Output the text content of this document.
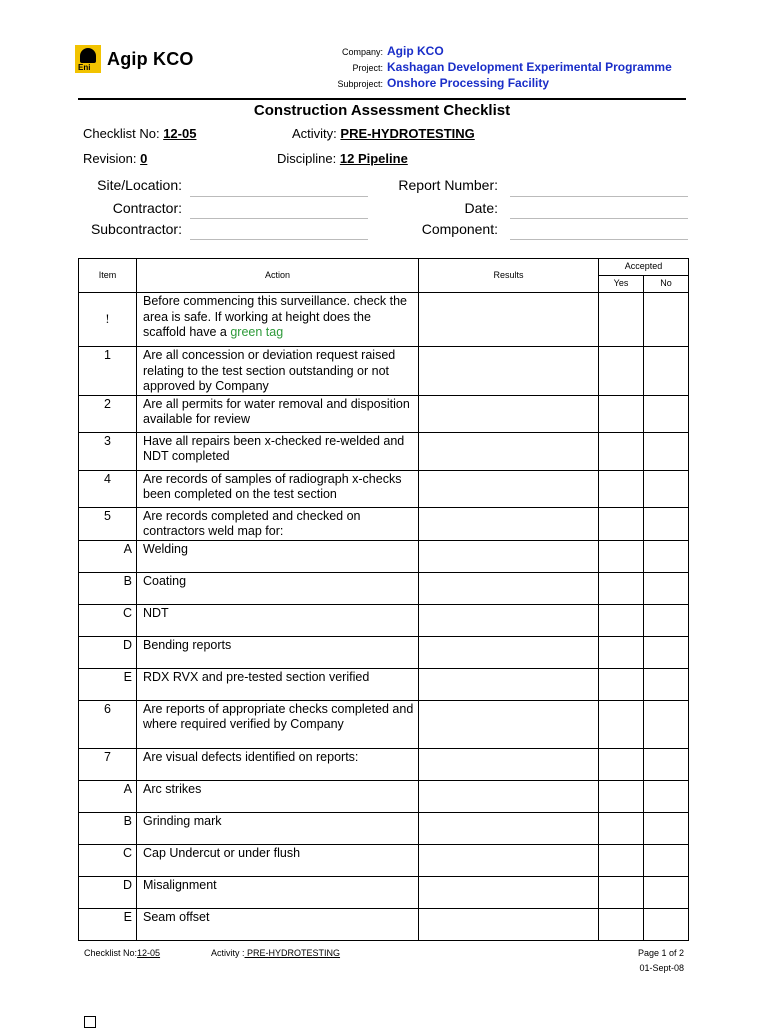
Eni Agip KCO	Company: Agip KCO
Project: Kashagan Development Experimental Programme
Subproject: Onshore Processing Facility
Construction Assessment Checklist
Checklist No: 12-05	Activity: PRE-HYDROTESTING
Revision: 0	Discipline: 12 Pipeline
Site/Location:
Contractor:
Subcontractor:
Report Number:
Date:
Component:
Item	Action	Results	Accepted	
			Yes	No
!	Before commencing this surveillance. check the area is safe. If working at height does the scaffold have a green tag			
1	Are all concession or deviation request raised relating to the test section outstanding or not approved by Company			
2	Are all permits for water removal and disposition available for review			
3	Have all repairs been x-checked re-welded and NDT completed			
4	Are records of samples of radiograph x-checks been completed on the test section			
5	Are records completed and checked on contractors weld map for:			
A	Welding			
B	Coating			
C	NDT			
D	Bending reports			
E	RDX RVX and pre-tested section verified			
6	Are reports of appropriate checks completed and where required verified by Company			
7	Are visual defects identified on reports:			
A	Arc strikes			
B	Grinding mark			
C	Cap Undercut or under flush			
D	Misalignment			
E	Seam offset			
Checklist No:12-05	Activity : PRE-HYDROTESTING	Page 1 of 2
01-Sept-08
